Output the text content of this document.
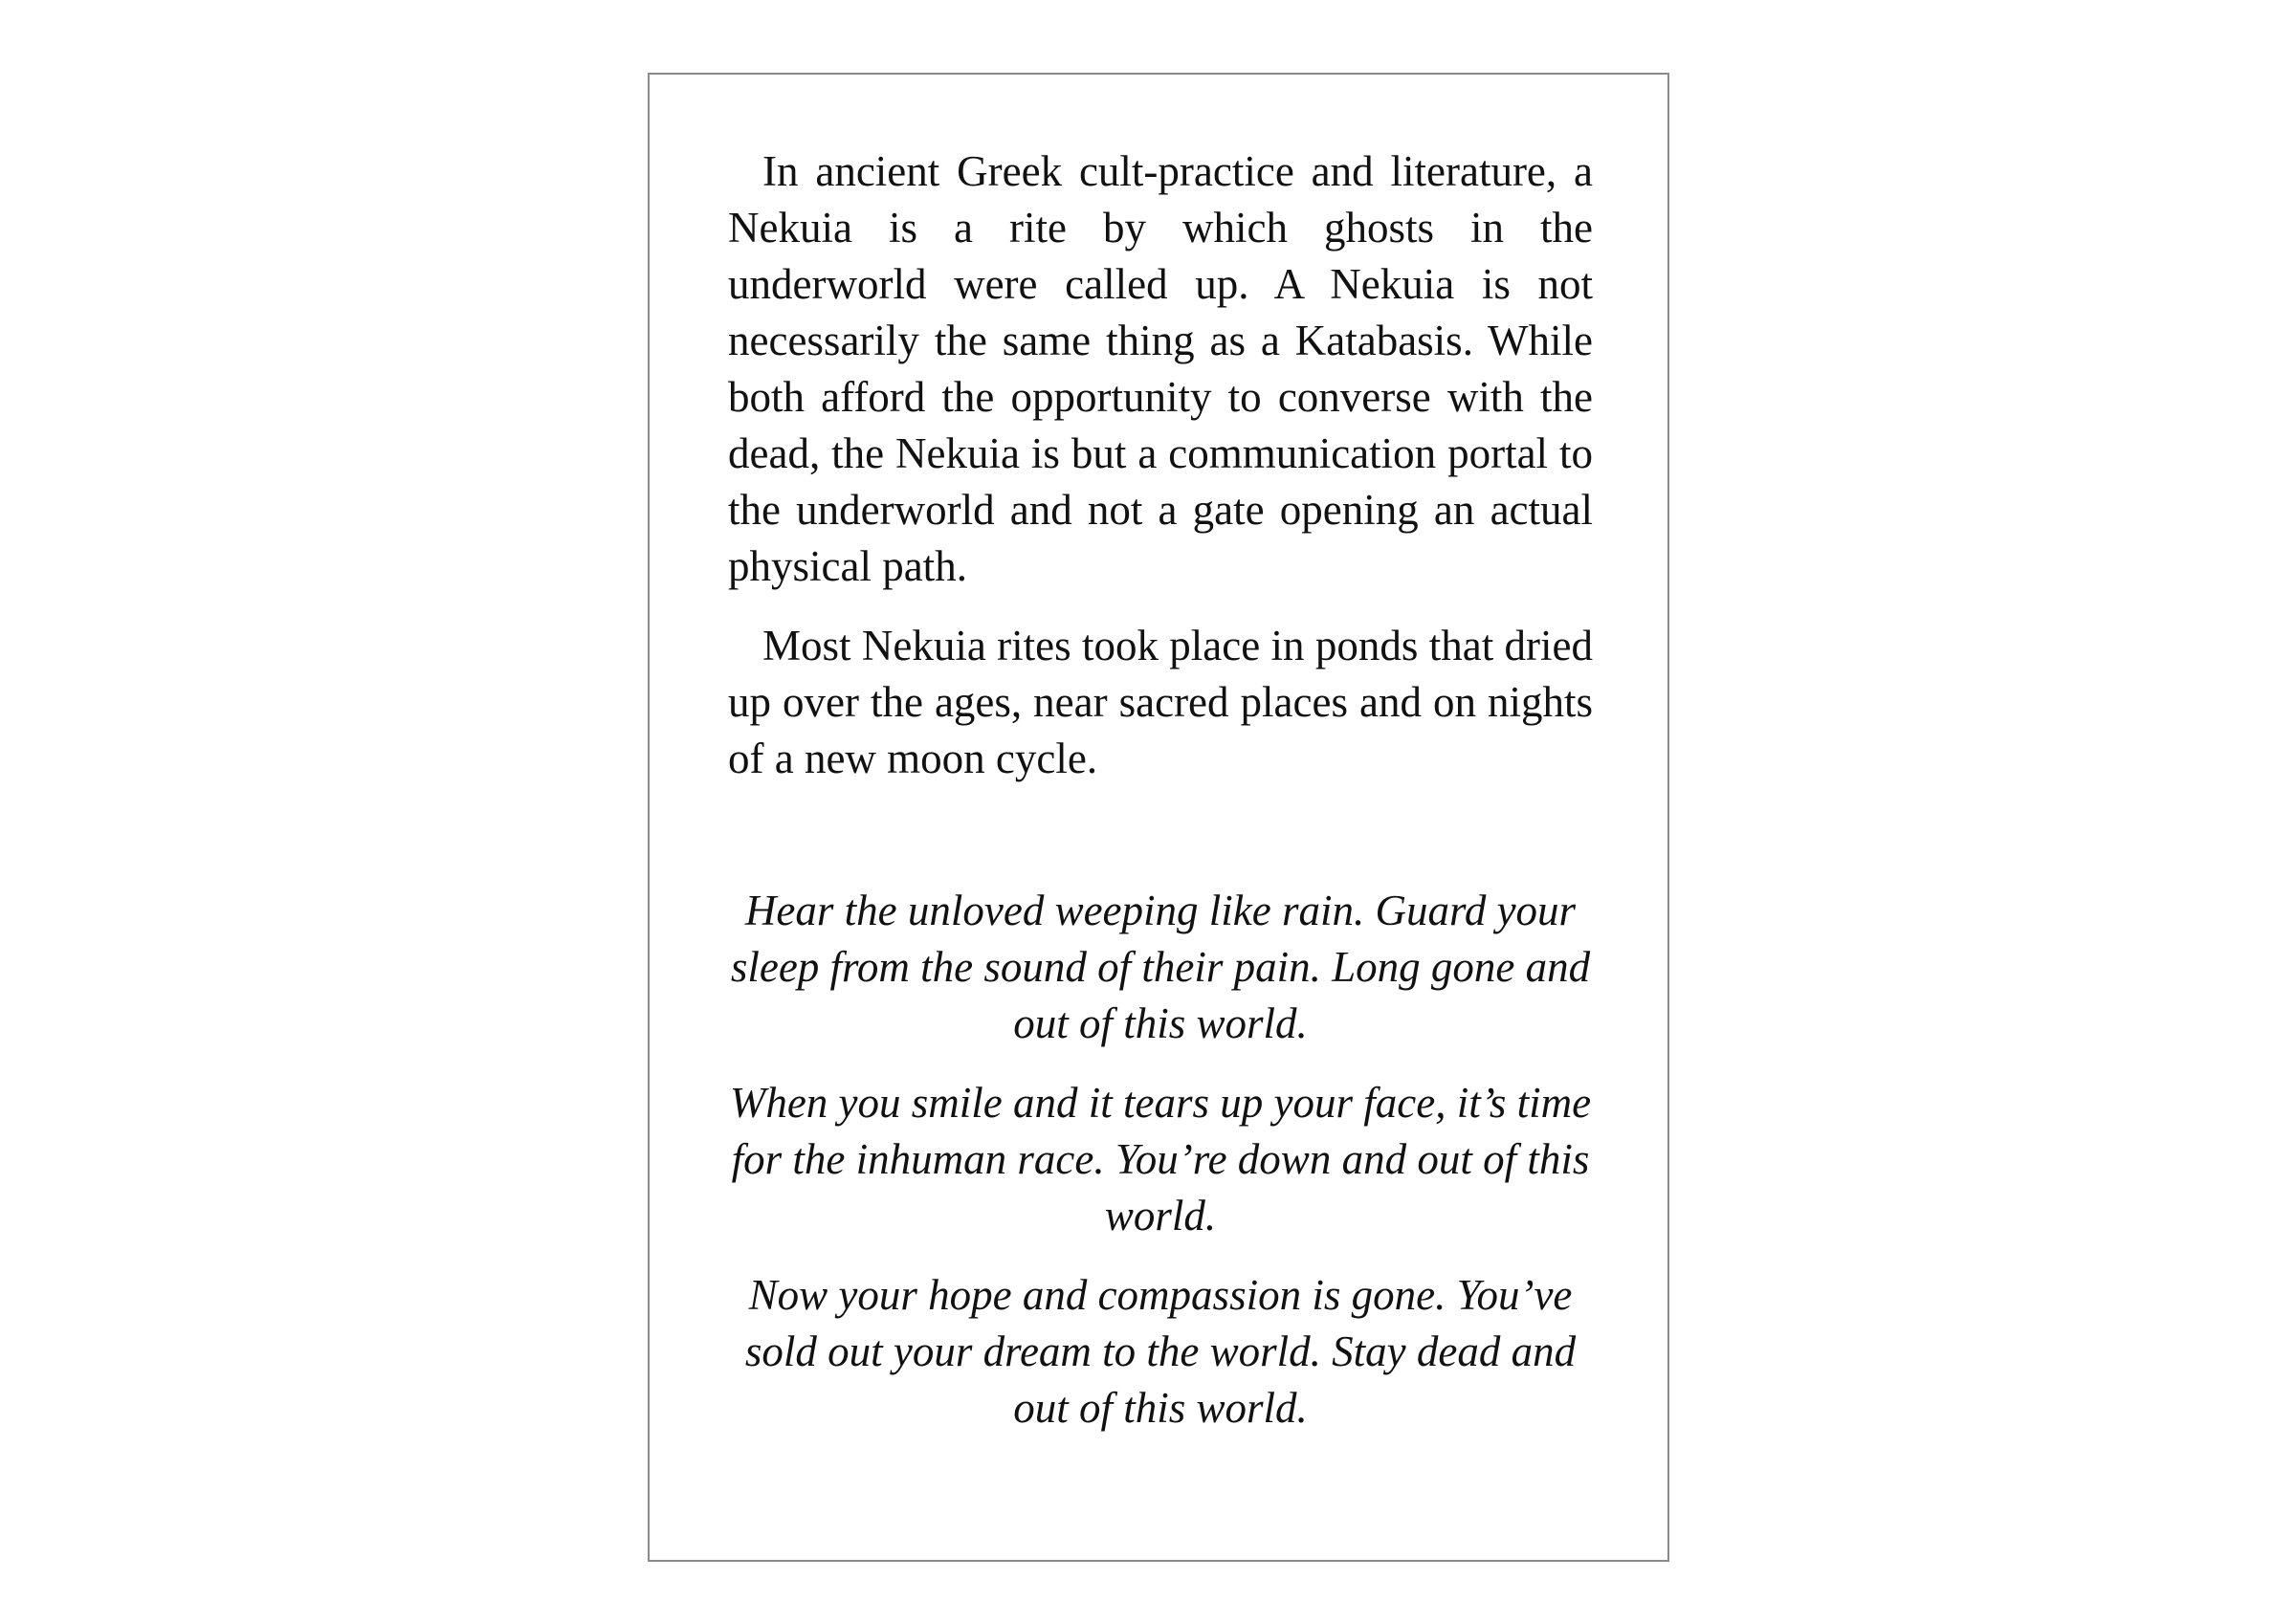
In ancient Greek cult-practice and literature, a Nekuia is a rite by which ghosts in the underworld were called up. A Nekuia is not necessarily the same thing as a Katabasis. While both afford the opportunity to converse with the dead, the Nekuia is but a communication portal to the underworld and not a gate opening an actual physical path.

Most Nekuia rites took place in ponds that dried up over the ages, near sacred places and on nights of a new moon cycle.

Hear the unloved weeping like rain. Guard your sleep from the sound of their pain. Long gone and out of this world.

When you smile and it tears up your face, it’s time for the inhuman race. You’re down and out of this world.

Now your hope and compassion is gone. You’ve sold out your dream to the world. Stay dead and out of this world.
